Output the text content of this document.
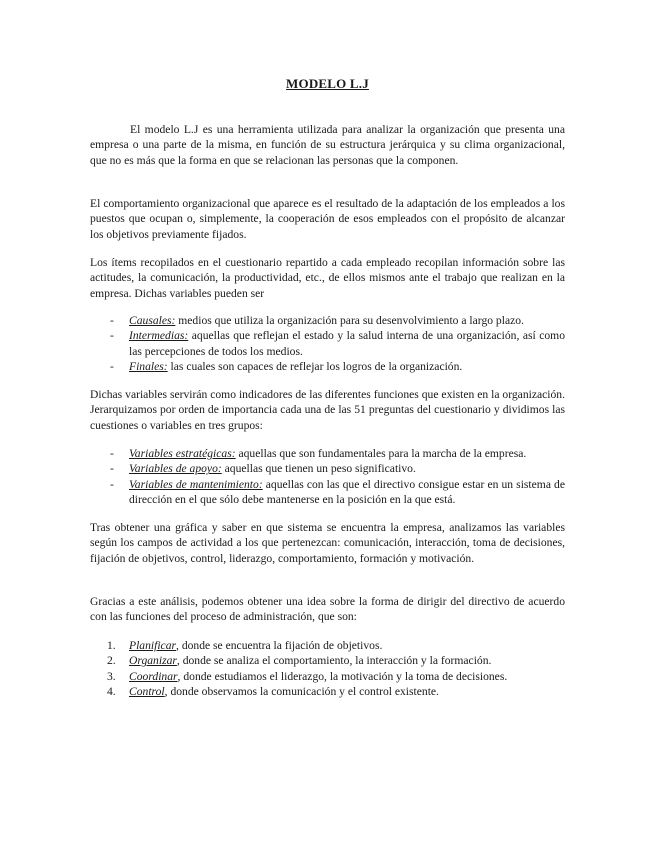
MODELO L.J

El modelo L.J es una herramienta utilizada para analizar la organización que presenta una empresa o una parte de la misma, en función de su estructura jerárquica y su clima organizacional, que no es más que la forma en que se relacionan las personas que la componen.

El comportamiento organizacional que aparece es el resultado de la adaptación de los empleados a los puestos que ocupan o, simplemente, la cooperación de esos empleados con el propósito de alcanzar los objetivos previamente fijados.

Los ítems recopilados en el cuestionario repartido a cada empleado recopilan información sobre las actitudes, la comunicación, la productividad, etc., de ellos mismos ante el trabajo que realizan en la empresa. Dichas variables pueden ser

- Causales: medios que utiliza la organización para su desenvolvimiento a largo plazo.
- Intermedias: aquellas que reflejan el estado y la salud interna de una organización, así como las percepciones de todos los medios.
- Finales: las cuales son capaces de reflejar los logros de la organización.

Dichas variables servirán como indicadores de las diferentes funciones que existen en la organización. Jerarquizamos por orden de importancia cada una de las 51 preguntas del cuestionario y dividimos las cuestiones o variables en tres grupos:

- Variables estratégicas: aquellas que son fundamentales para la marcha de la empresa.
- Variables de apoyo: aquellas que tienen un peso significativo.
- Variables de mantenimiento: aquellas con las que el directivo consigue estar en un sistema de dirección en el que sólo debe mantenerse en la posición en la que está.

Tras obtener una gráfica y saber en que sistema se encuentra la empresa, analizamos las variables según los campos de actividad a los que pertenezcan: comunicación, interacción, toma de decisiones, fijación de objetivos, control, liderazgo, comportamiento, formación y motivación.

Gracias a este análisis, podemos obtener una idea sobre la forma de dirigir del directivo de acuerdo con las funciones del proceso de administración, que son:

1. Planificar, donde se encuentra la fijación de objetivos.
2. Organizar, donde se analiza el comportamiento, la interacción y la formación.
3. Coordinar, donde estudiamos el liderazgo, la motivación y la toma de decisiones.
4. Control, donde observamos la comunicación y el control existente.
